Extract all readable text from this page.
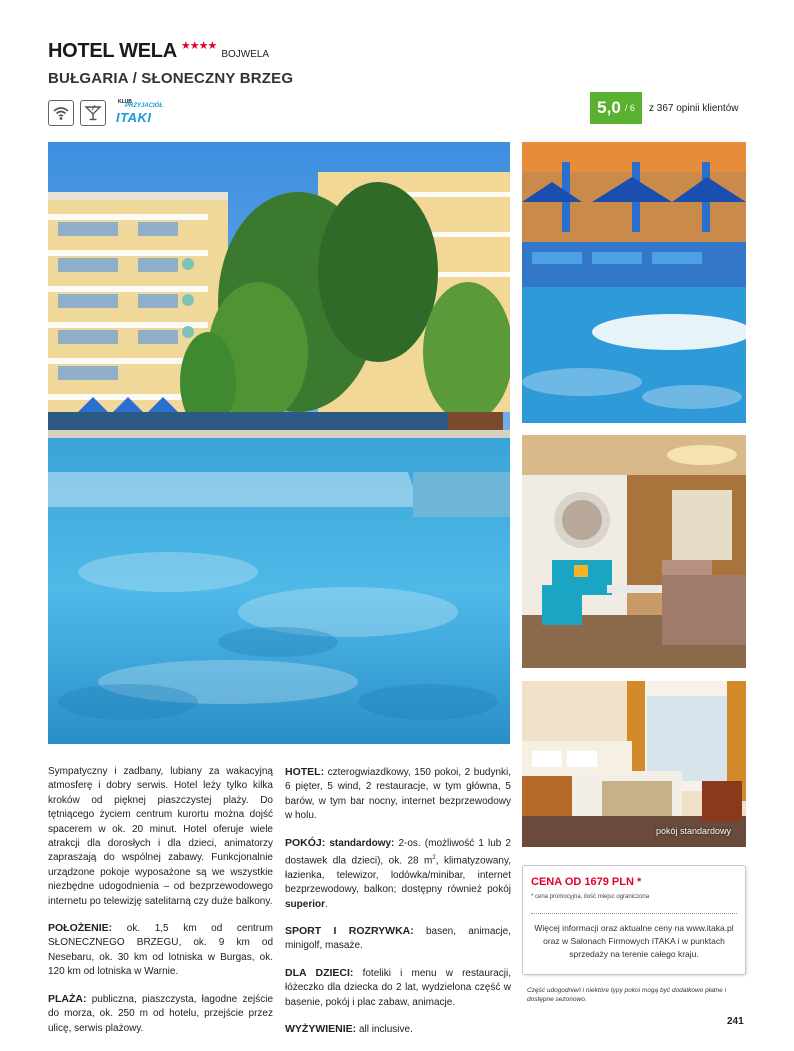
HOTEL WELA ★★★★
BOJWELA
BUŁGARIA / SŁONECZNY BRZEG
KLUB
PRZYJACIÓŁ
ITAKI
5,0 / 6 z 367 opinii klientów
pokój standardowy

Sympatyczny i zadbany, lubiany za wakacyjną atmosferę i dobry serwis. Hotel leży tylko kilka kroków od pięknej piaszczystej plaży. Do tętniącego życiem centrum kurortu można dojść spacerem w ok. 20 minut. Hotel oferuje wiele atrakcji dla dorosłych i dla dzieci, animatorzy zapraszają do wspólnej zabawy. Funkcjonalnie urządzone pokoje wyposażone są we wszystkie niezbędne udogodnienia – od bezprzewodowego internetu po telewizję satelitarną czy duże balkony.

POŁOŻENIE: ok. 1,5 km od centrum SŁONECZNEGO BRZEGU, ok. 9 km od Nesebaru, ok. 30 km od lotniska w Burgas, ok. 120 km od lotniska w Warnie.

PLAŻA: publiczna, piaszczysta, łagodne zejście do morza, ok. 250 m od hotelu, przejście przez ulicę, serwis plażowy.

HOTEL: czterogwiazdkowy, 150 pokoi, 2 budynki, 6 pięter, 5 wind, 2 restauracje, w tym główna, 5 barów, w tym bar nocny, internet bezprzewodowy w holu.

POKÓJ: standardowy: 2-os. (możliwość 1 lub 2 dostawek dla dzieci), ok. 28 $m^2$, klimatyzowany, łazienka, telewizor, lodówka/minibar, internet bezprzewodowy, balkon; dostępny również pokój superior.

SPORT I ROZRYWKA: basen, animacje, minigolf, masaże.

DLA DZIECI: foteliki i menu w restauracji, łóżeczko dla dziecka do 2 lat, wydzielona część w basenie, pokój i plac zabaw, animacje.

WYŻYWIENIE: all inclusive.

CENA OD 1679 PLN *
* cena promocyjna, ilość miejsc ograniczona
Więcej informacji oraz aktualne ceny na www.itaka.pl oraz w Salonach Firmowych ITAKA i w punktach sprzedaży na terenie całego kraju.
Część udogodnień i niektóre typy pokoi mogą być dodatkowo płatne i dostępne sezonowo.
241
